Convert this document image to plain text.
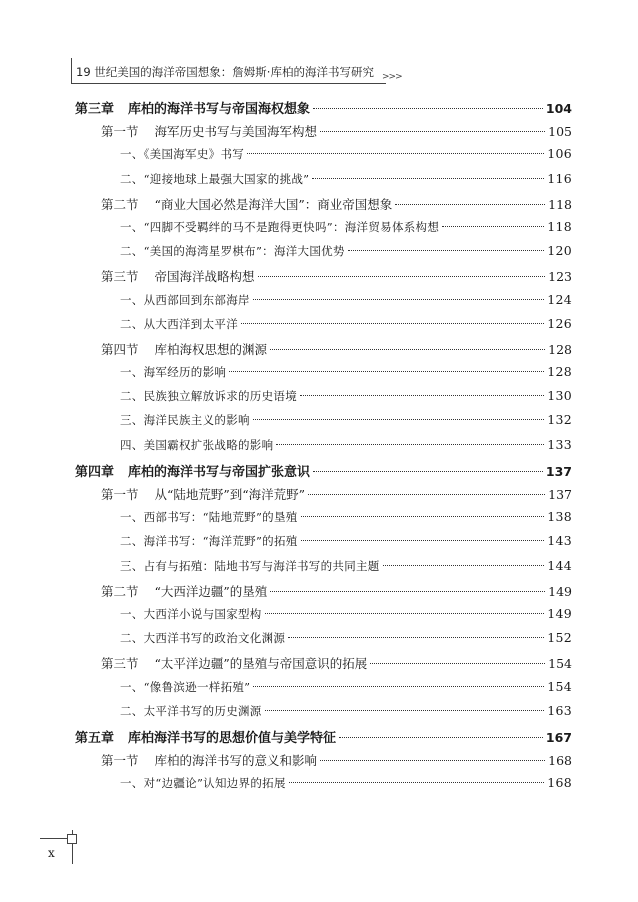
19 世纪美国的海洋帝国想象：詹姆斯·库柏的海洋书写研究 >>>
第三章 库柏的海洋书写与帝国海权想象	104
第一节 海军历史书写与美国海军构想	105
一、《美国海军史》书写	106
二、“迎接地球上最强大国家的挑战”	116
第二节 “商业大国必然是海洋大国”：商业帝国想象	118
一、“四脚不受羁绊的马不是跑得更快吗”：海洋贸易体系构想	118
二、“美国的海湾星罗棋布”：海洋大国优势	120
第三节 帝国海洋战略构想	123
一、从西部回到东部海岸	124
二、从大西洋到太平洋	126
第四节 库柏海权思想的渊源	128
一、海军经历的影响	128
二、民族独立解放诉求的历史语境	130
三、海洋民族主义的影响	132
四、美国霸权扩张战略的影响	133
第四章 库柏的海洋书写与帝国扩张意识	137
第一节 从“陆地荒野”到“海洋荒野”	137
一、西部书写：“陆地荒野”的垦殖	138
二、海洋书写：“海洋荒野”的拓殖	143
三、占有与拓殖：陆地书写与海洋书写的共同主题	144
第二节 “大西洋边疆”的垦殖	149
一、大西洋小说与国家型构	149
二、大西洋书写的政治文化渊源	152
第三节 “太平洋边疆”的垦殖与帝国意识的拓展	154
一、“像鲁滨逊一样拓殖”	154
二、太平洋书写的历史渊源	163
第五章 库柏海洋书写的思想价值与美学特征	167
第一节 库柏的海洋书写的意义和影响	168
一、对“边疆论”认知边界的拓展	168
x
